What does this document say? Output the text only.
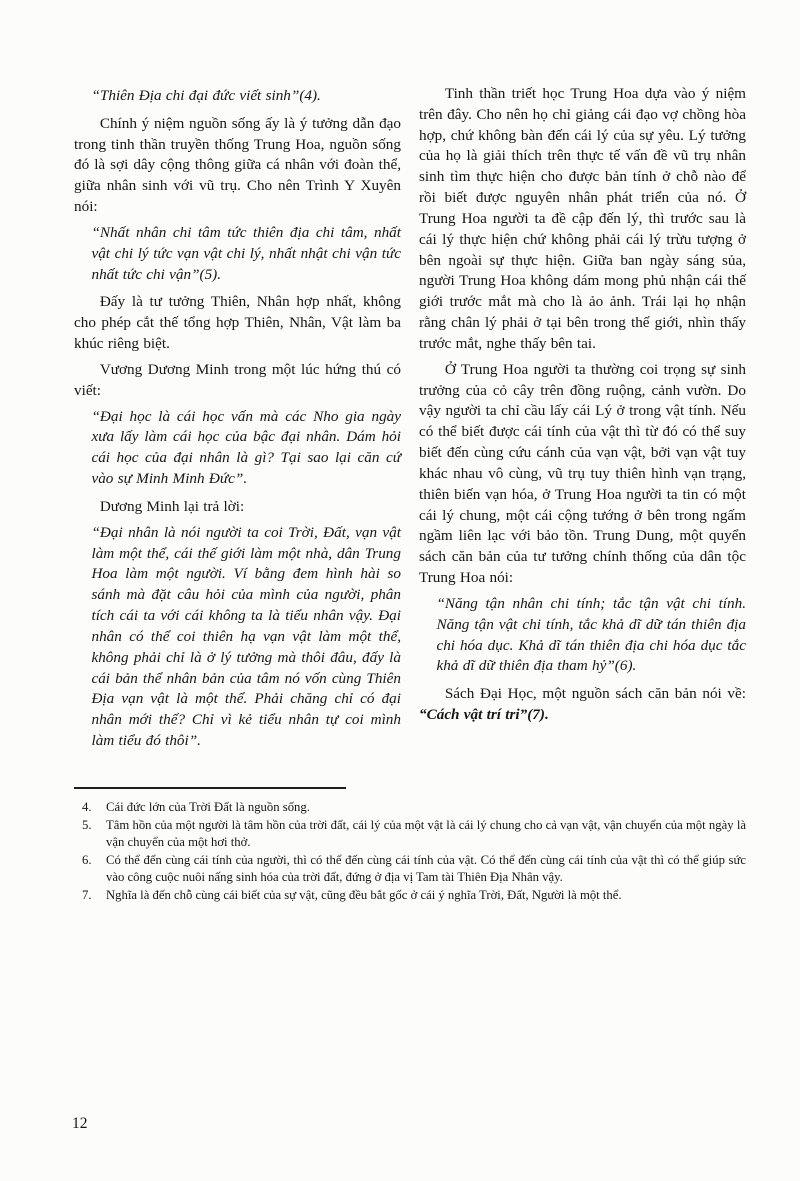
“Thiên Địa chi đại đức viết sinh”(4).

Chính ý niệm nguồn sống ấy là ý tưởng dẫn đạo trong tinh thần truyền thống Trung Hoa, nguồn sống đó là sợi dây cộng thông giữa cá nhân với đoàn thể, giữa nhân sinh với vũ trụ. Cho nên Trình Y Xuyên nói:

“Nhất nhân chi tâm tức thiên địa chi tâm, nhất vật chi lý tức vạn vật chi lý, nhất nhật chi vận tức nhất tức chi vận”(5).

Đấy là tư tưởng Thiên, Nhân hợp nhất, không cho phép cắt thế tổng hợp Thiên, Nhân, Vật làm ba khúc riêng biệt.

Vương Dương Minh trong một lúc hứng thú có viết:

“Đại học là cái học vấn mà các Nho gia ngày xưa lấy làm cái học của bậc đại nhân. Dám hỏi cái học của đại nhân là gì? Tại sao lại căn cứ vào sự Minh Minh Đức”.

Dương Minh lại trả lời:

“Đại nhân là nói người ta coi Trời, Đất, vạn vật làm một thể, cái thế giới làm một nhà, dân Trung Hoa làm một người. Ví bằng đem hình hài so sánh mà đặt câu hỏi của mình của người, phân tích cái ta với cái không ta là tiểu nhân vậy. Đại nhân có thể coi thiên hạ vạn vật làm một thể, không phải chỉ là ở lý tưởng mà thôi đâu, đấy là cái bản thể nhân bản của tâm nó vốn cùng Thiên Địa vạn vật là một thể. Phải chăng chỉ có đại nhân mới thế? Chỉ vì kẻ tiểu nhân tự coi mình làm tiểu đó thôi”.

Tinh thần triết học Trung Hoa dựa vào ý niệm trên đây. Cho nên họ chỉ giảng cái đạo vợ chồng hòa hợp, chứ không bàn đến cái lý của sự yêu. Lý tưởng của họ là giải thích trên thực tế vấn đề vũ trụ nhân sinh tìm thực hiện cho được bản tính ở chỗ nào để rồi biết được nguyên nhân phát triển của nó. Ở Trung Hoa người ta đề cập đến lý, thì trước sau là cái lý thực hiện chứ không phải cái lý trừu tượng ở bên ngoài sự thực hiện. Giữa ban ngày sáng sủa, người Trung Hoa không dám mong phủ nhận cái thế giới trước mắt mà cho là ảo ảnh. Trái lại họ nhận rằng chân lý phải ở tại bên trong thế giới, nhìn thấy trước mắt, nghe thấy bên tai.

Ở Trung Hoa người ta thường coi trọng sự sinh trưởng của cỏ cây trên đồng ruộng, cảnh vườn. Do vậy người ta chỉ cầu lấy cái Lý ở trong vật tính. Nếu có thể biết được cái tính của vật thì từ đó có thể suy biết đến cùng cứu cánh của vạn vật, bởi vạn vật tuy khác nhau vô cùng, vũ trụ tuy thiên hình vạn trạng, thiên biến vạn hóa, ở Trung Hoa người ta tin có một cái lý chung, một cái cộng tướng ở bên trong ngấm ngầm liên lạc với bảo tồn. Trung Dung, một quyển sách căn bản của tư tưởng chính thống của dân tộc Trung Hoa nói:

“Năng tận nhân chi tính; tắc tận vật chi tính. Năng tận vật chi tính, tắc khả dĩ dữ tán thiên địa chi hóa dục. Khả dĩ tán thiên địa chi hóa dục tắc khả dĩ dữ thiên địa tham hỷ”(6).

Sách Đại Học, một nguồn sách căn bản nói về: “Cách vật trí tri”(7).

4.	Cái đức lớn của Trời Đất là nguồn sống.
5.	Tâm hồn của một người là tâm hồn của trời đất, cái lý của một vật là cái lý chung cho cả vạn vật, vận chuyển của một ngày là vận chuyển của một hơi thở.
6.	Có thể đến cùng cái tính của người, thì có thể đến cùng cái tính của vật. Có thể đến cùng cái tính của vật thì có thể giúp sức vào công cuộc nuôi nấng sinh hóa của trời đất, đứng ở địa vị Tam tài Thiên Địa Nhân vậy.
7.	Nghĩa là đến chỗ cùng cái biết của sự vật, cũng đều bắt gốc ở cái ý nghĩa Trời, Đất, Người là một thể.
12
